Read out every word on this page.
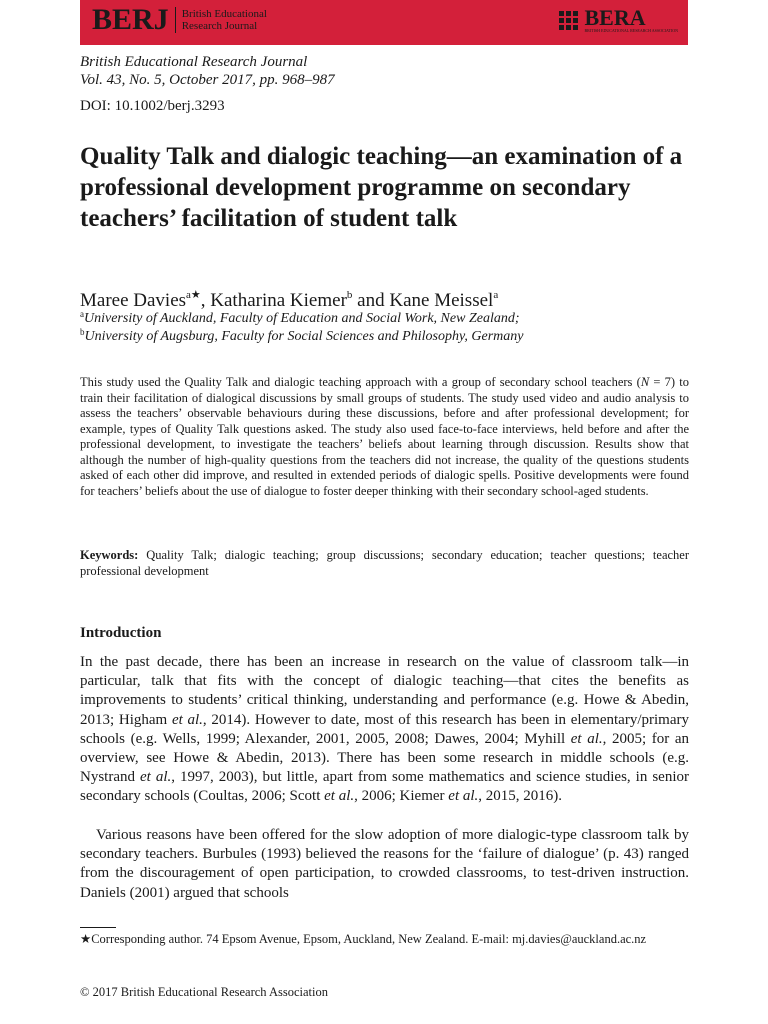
BERJ British Educational
Research Journal	BERA
BRITISH EDUCATIONAL RESEARCH ASSOCIATION
British Educational Research Journal
Vol. 43, No. 5, October 2017, pp. 968–987
DOI: 10.1002/berj.3293
Quality Talk and dialogic teaching—an examination of a professional development programme on secondary teachers’ facilitation of student talk
Maree Davies$^{a★}$, Katharina Kiemer$^b$ and Kane Meissel$^a$
$^a$University of Auckland, Faculty of Education and Social Work, New Zealand;
$^b$University of Augsburg, Faculty for Social Sciences and Philosophy, Germany

This study used the Quality Talk and dialogic teaching approach with a group of secondary school teachers (N = 7) to train their facilitation of dialogical discussions by small groups of students. The study used video and audio analysis to assess the teachers’ observable behaviours during these discussions, before and after professional development; for example, types of Quality Talk questions asked. The study also used face-to-face interviews, held before and after the professional development, to investigate the teachers’ beliefs about learning through discussion. Results show that although the number of high-quality questions from the teachers did not increase, the quality of the questions students asked of each other did improve, and resulted in extended periods of dialogic spells. Positive developments were found for teachers’ beliefs about the use of dialogue to foster deeper thinking with their secondary school-aged students.

Keywords: Quality Talk; dialogic teaching; group discussions; secondary education; teacher questions; teacher professional development

Introduction

In the past decade, there has been an increase in research on the value of classroom talk—in particular, talk that fits with the concept of dialogic teaching—that cites the benefits as improvements to students’ critical thinking, understanding and performance (e.g. Howe & Abedin, 2013; Higham et al., 2014). However to date, most of this research has been in elementary/primary schools (e.g. Wells, 1999; Alexander, 2001, 2005, 2008; Dawes, 2004; Myhill et al., 2005; for an overview, see Howe & Abedin, 2013). There has been some research in middle schools (e.g. Nystrand et al., 1997, 2003), but little, apart from some mathematics and science studies, in senior secondary schools (Coultas, 2006; Scott et al., 2006; Kiemer et al., 2015, 2016).

Various reasons have been offered for the slow adoption of more dialogic-type classroom talk by secondary teachers. Burbules (1993) believed the reasons for the ‘failure of dialogue’ (p. 43) ranged from the discouragement of open participation, to crowded classrooms, to test-driven instruction. Daniels (2001) argued that schools

★Corresponding author. 74 Epsom Avenue, Epsom, Auckland, New Zealand. E-mail: mj.davies@auckland.ac.nz

© 2017 British Educational Research Association
